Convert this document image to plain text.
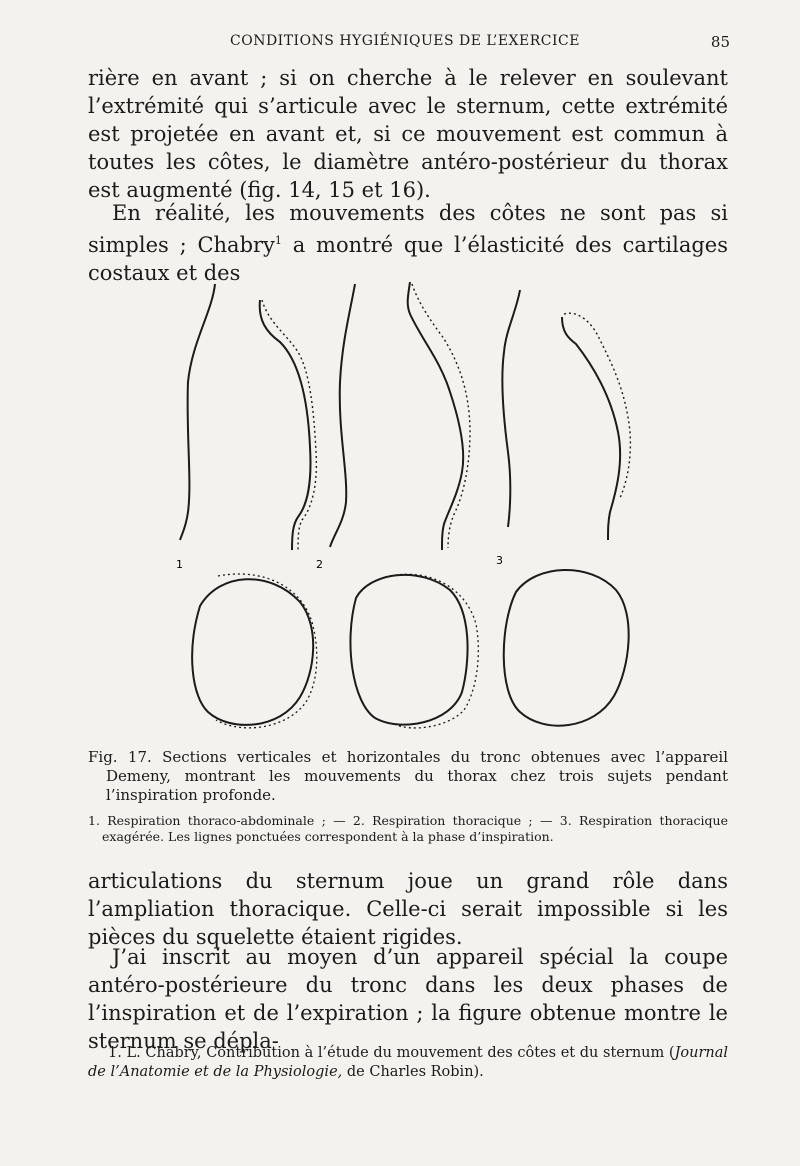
CONDITIONS HYGIÉNIQUES DE L’EXERCICE	85

rière en avant ; si on cherche à le relever en soulevant l’extrémité qui s’articule avec le sternum, cette extrémité est projetée en avant et, si ce mouvement est commun à toutes les côtes, le diamètre antéro-postérieur du thorax est augmenté (fig. 14, 15 et 16).

En réalité, les mouvements des côtes ne sont pas si simples ; Chabry$^1$ a montré que l’élasticité des cartilages costaux et des

1	2	3

Fig. 17. Sections verticales et horizontales du tronc obtenues avec l’appareil Demeny, montrant les mouvements du thorax chez trois sujets pendant l’inspiration profonde.

1. Respiration thoraco-abdominale ; — 2. Respiration thoracique ; — 3. Respiration thoracique exagérée. Les lignes ponctuées correspondent à la phase d’inspiration.

articulations du sternum joue un grand rôle dans l’ampliation thoracique. Celle-ci serait impossible si les pièces du squelette étaient rigides.

J’ai inscrit au moyen d’un appareil spécial la coupe antéro-postérieure du tronc dans les deux phases de l’inspiration et de l’expiration ; la figure obtenue montre le sternum se dépla-

1. L. Chabry, Contribution à l’étude du mouvement des côtes et du sternum (Journal de l’Anatomie et de la Physiologie, de Charles Robin).
